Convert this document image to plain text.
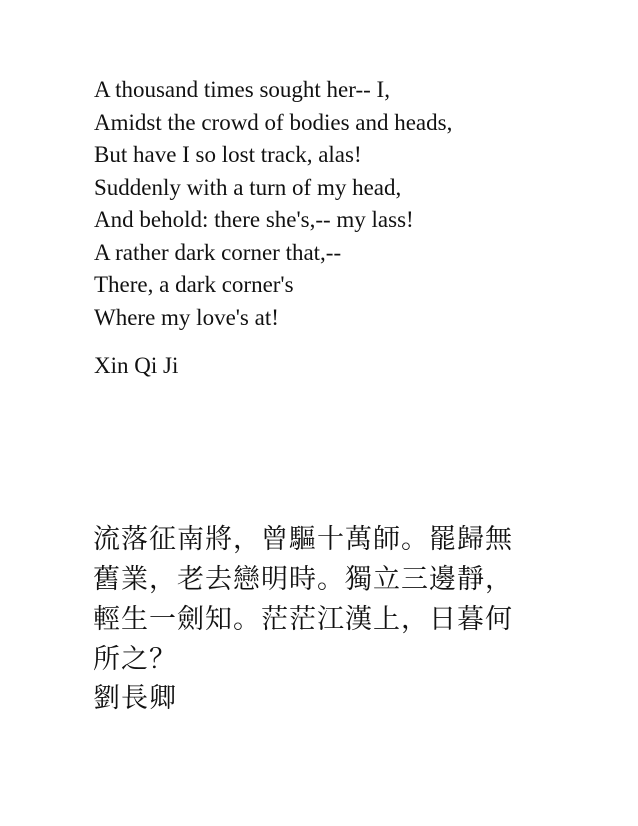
A thousand times sought her-- I,
Amidst the crowd of bodies and heads,
But have I so lost track, alas!
Suddenly with a turn of my head,
And behold: there she's,-- my lass!
A rather dark corner that,--
There, a dark corner's
Where my love's at!

Xin Qi Ji

流落征南將，曾驅十萬師。罷歸無
舊業，老去戀明時。獨立三邊靜，
輕生一劍知。茫茫江漢上，日暮何
所之？

劉長卿
